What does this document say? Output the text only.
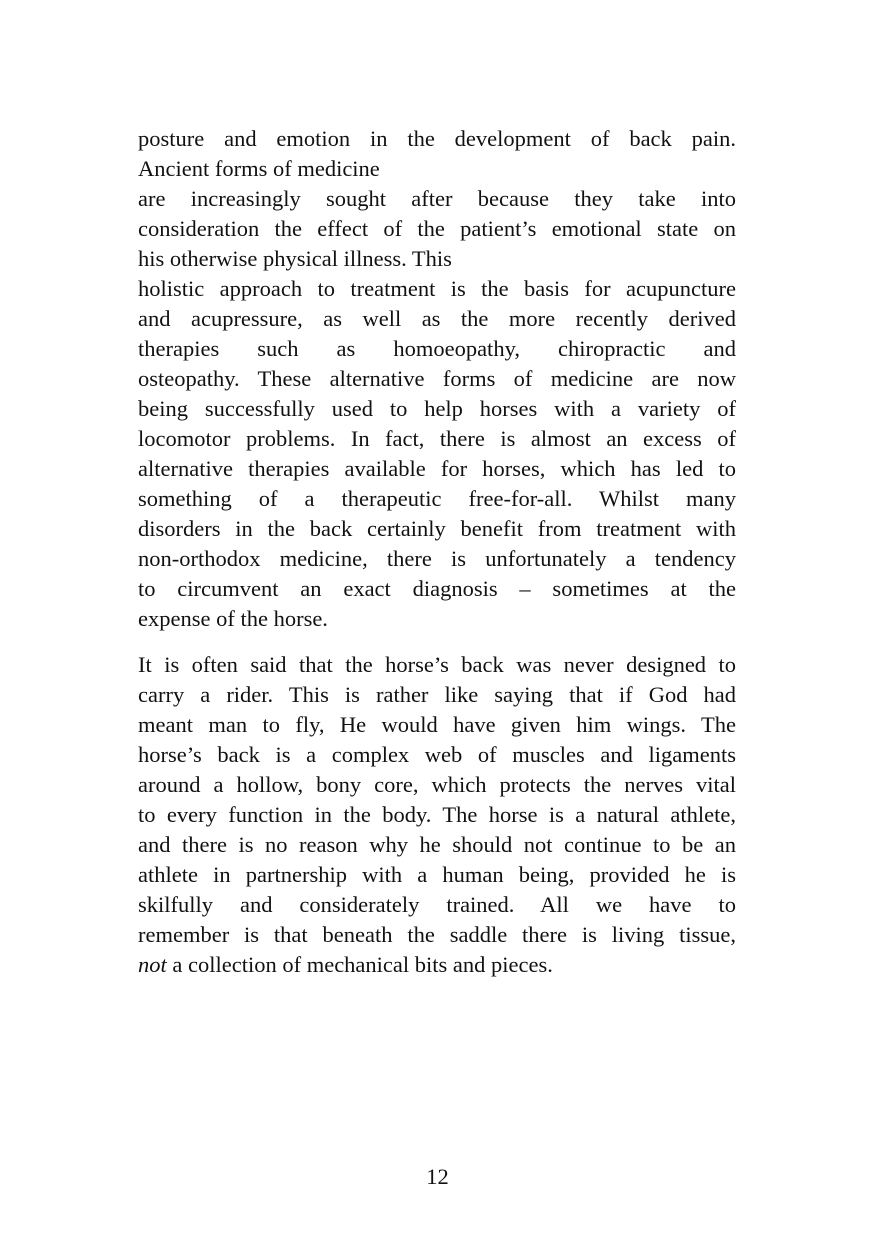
posture and emotion in the development of back pain.
Ancient forms of medicine
are increasingly sought after because they take into
consideration the effect of the patient’s emotional state on
his otherwise physical illness. This
holistic approach to treatment is the basis for acupuncture
and acupressure, as well as the more recently derived
therapies such as homoeopathy, chiropractic and
osteopathy. These alternative forms of medicine are now
being successfully used to help horses with a variety of
locomotor problems. In fact, there is almost an excess of
alternative therapies available for horses, which has led to
something of a therapeutic free-for-all. Whilst many
disorders in the back certainly benefit from treatment with
non-orthodox medicine, there is unfortunately a tendency
to circumvent an exact diagnosis – sometimes at the
expense of the horse.
It is often said that the horse’s back was never designed to
carry a rider. This is rather like saying that if God had
meant man to fly, He would have given him wings. The
horse’s back is a complex web of muscles and ligaments
around a hollow, bony core, which protects the nerves vital
to every function in the body. The horse is a natural athlete,
and there is no reason why he should not continue to be an
athlete in partnership with a human being, provided he is
skilfully and considerately trained. All we have to
remember is that beneath the saddle there is living tissue,
not a collection of mechanical bits and pieces.
12
